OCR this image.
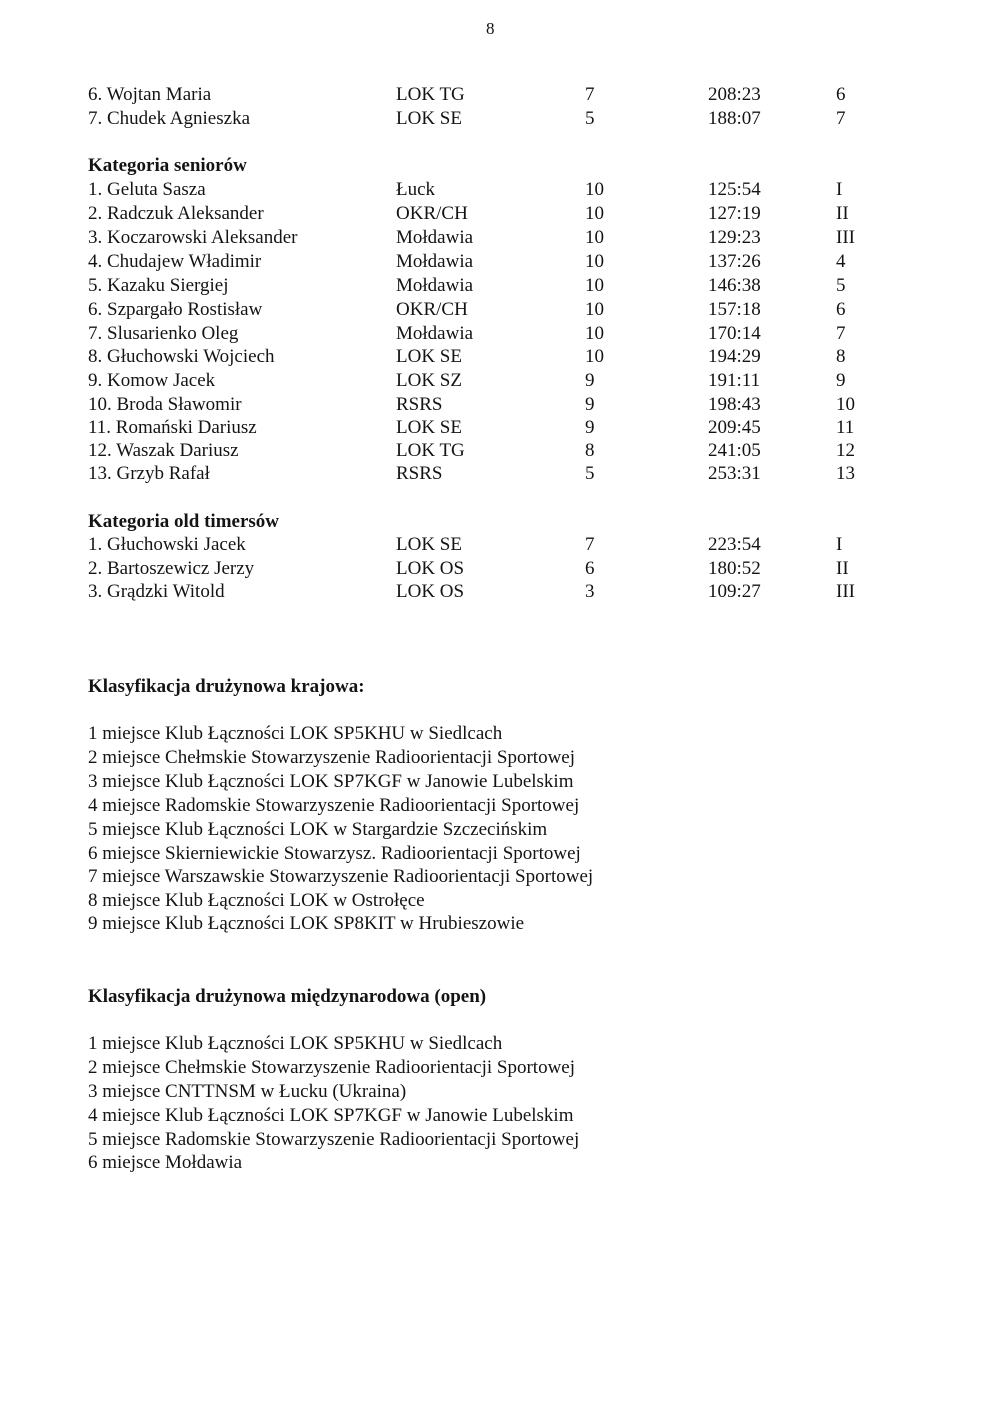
8
6. Wojtan Maria	LOK TG	7	208:23	6
7. Chudek Agnieszka	LOK SE	5	188:07	7
Kategoria seniorów
1. Geluta Sasza	Łuck	10	125:54	I
2. Radczuk Aleksander	OKR/CH	10	127:19	II
3. Koczarowski Aleksander	Mołdawia	10	129:23	III
4. Chudajew Władimir	Mołdawia	10	137:26	4
5. Kazaku Siergiej	Mołdawia	10	146:38	5
6. Szpargało Rostisław	OKR/CH	10	157:18	6
7. Slusarienko Oleg	Mołdawia	10	170:14	7
8. Głuchowski Wojciech	LOK SE	10	194:29	8
9. Komow Jacek	LOK SZ	9	191:11	9
10. Broda Sławomir	RSRS	9	198:43	10
11. Romański Dariusz	LOK SE	9	209:45	11
12. Waszak Dariusz	LOK TG	8	241:05	12
13. Grzyb Rafał	RSRS	5	253:31	13
Kategoria old timersów
1. Głuchowski Jacek	LOK SE	7	223:54	I
2. Bartoszewicz Jerzy	LOK OS	6	180:52	II
3. Grądzki Witold	LOK OS	3	109:27	III
Klasyfikacja drużynowa krajowa:
1 miejsce Klub Łączności LOK SP5KHU w Siedlcach
2 miejsce Chełmskie Stowarzyszenie Radioorientacji Sportowej
3 miejsce Klub Łączności LOK SP7KGF w Janowie Lubelskim
4 miejsce Radomskie Stowarzyszenie Radioorientacji Sportowej
5 miejsce Klub Łączności LOK w Stargardzie Szczecińskim
6 miejsce Skierniewickie Stowarzysz. Radioorientacji Sportowej
7 miejsce Warszawskie Stowarzyszenie Radioorientacji Sportowej
8 miejsce Klub Łączności LOK w Ostrołęce
9 miejsce Klub Łączności LOK SP8KIT w Hrubieszowie
Klasyfikacja drużynowa międzynarodowa (open)
1 miejsce Klub Łączności LOK SP5KHU w Siedlcach
2 miejsce Chełmskie Stowarzyszenie Radioorientacji Sportowej
3 miejsce CNTTNSM w Łucku (Ukraina)
4 miejsce Klub Łączności LOK SP7KGF w Janowie Lubelskim
5 miejsce Radomskie Stowarzyszenie Radioorientacji Sportowej
6 miejsce Mołdawia
